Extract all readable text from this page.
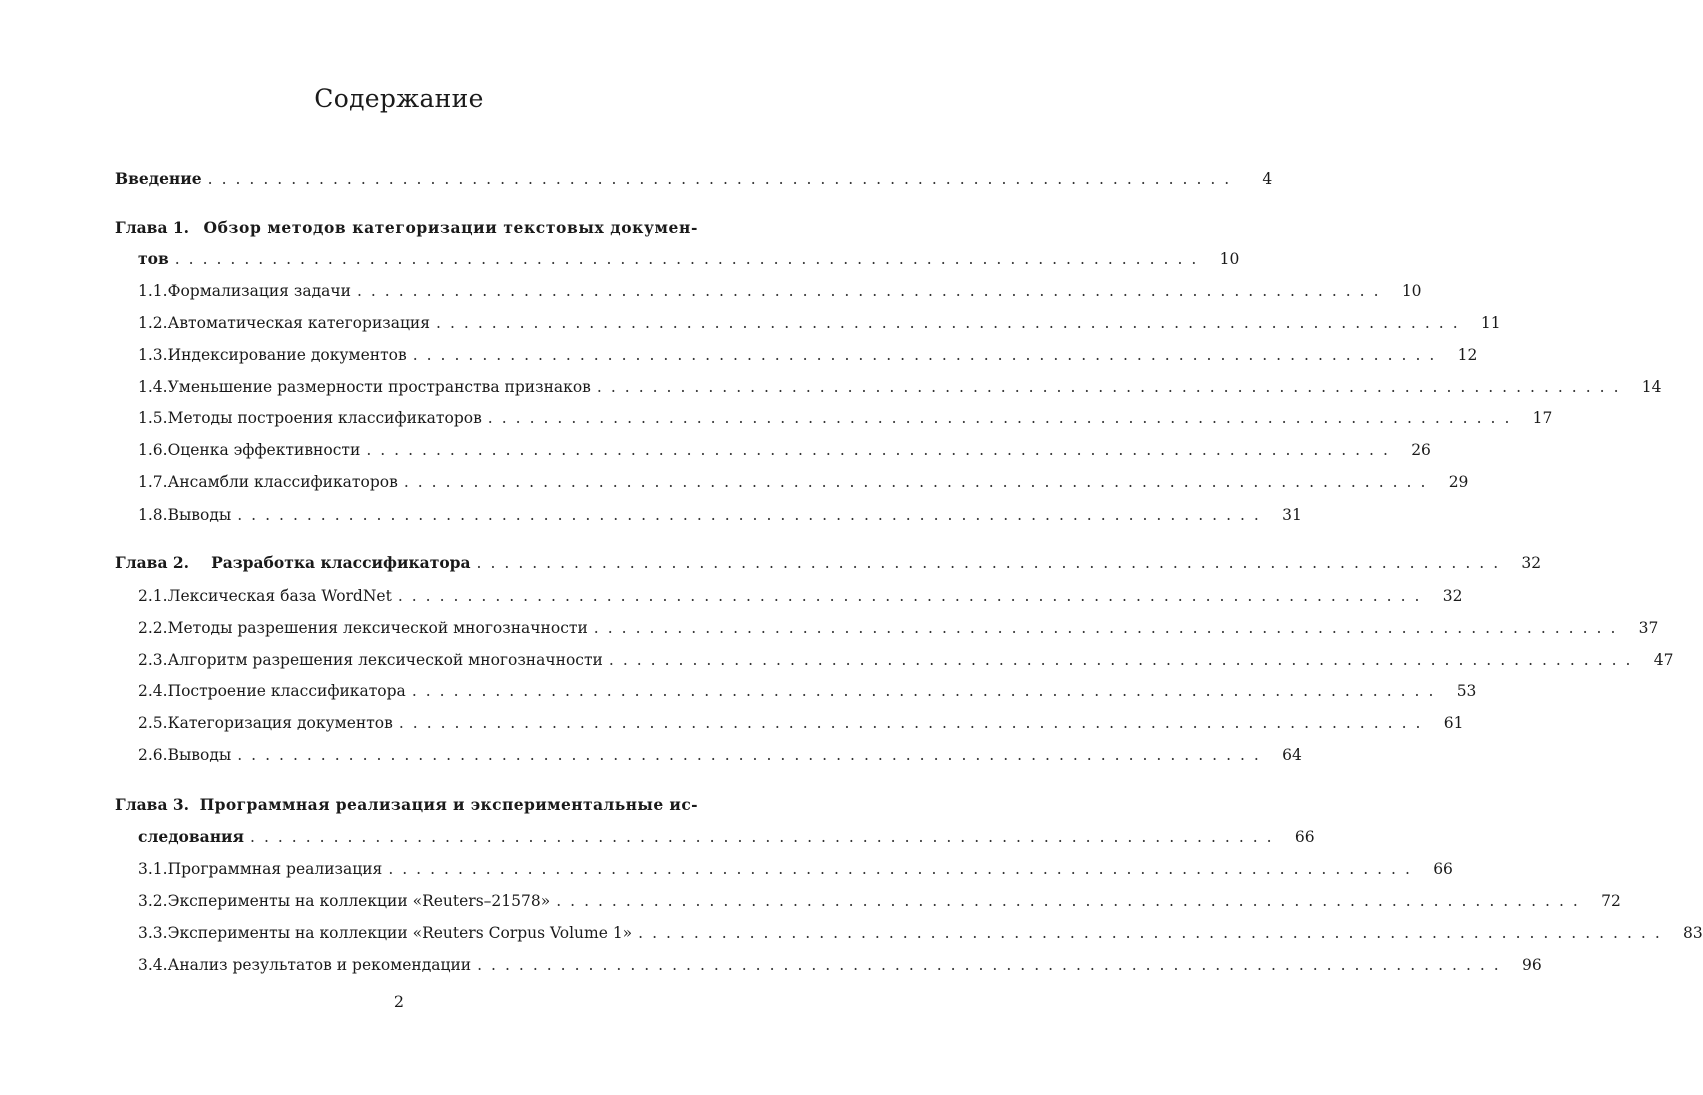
Содержание
Введение ..........................................................................	4
Глава 1. Обзор методов категоризации текстовых докумен-
тов .......................................................................... 10
1.1. Формализация задачи .......................................................................... 10
1.2. Автоматическая категоризация .......................................................................... 11
1.3. Индексирование документов .......................................................................... 12
1.4. Уменьшение размерности пространства признаков .......................................................................... 14
1.5. Методы построения классификаторов .......................................................................... 17
1.6. Оценка эффективности .......................................................................... 26
1.7. Ансамбли классификаторов .......................................................................... 29
1.8. Выводы .......................................................................... 31
Глава 2. Разработка классификатора .......................................................................... 32
2.1. Лексическая база WordNet .......................................................................... 32
2.2. Методы разрешения лексической многозначности .......................................................................... 37
2.3. Алгоритм разрешения лексической многозначности .......................................................................... 47
2.4. Построение классификатора .......................................................................... 53
2.5. Категоризация документов .......................................................................... 61
2.6. Выводы .......................................................................... 64
Глава 3. Программная реализация и экспериментальные ис-
следования .......................................................................... 66
3.1. Программная реализация .......................................................................... 66
3.2. Эксперименты на коллекции «Reuters–21578» .......................................................................... 72
3.3. Эксперименты на коллекции «Reuters Corpus Volume 1» .......................................................................... 83
3.4. Анализ результатов и рекомендации .......................................................................... 96
2
